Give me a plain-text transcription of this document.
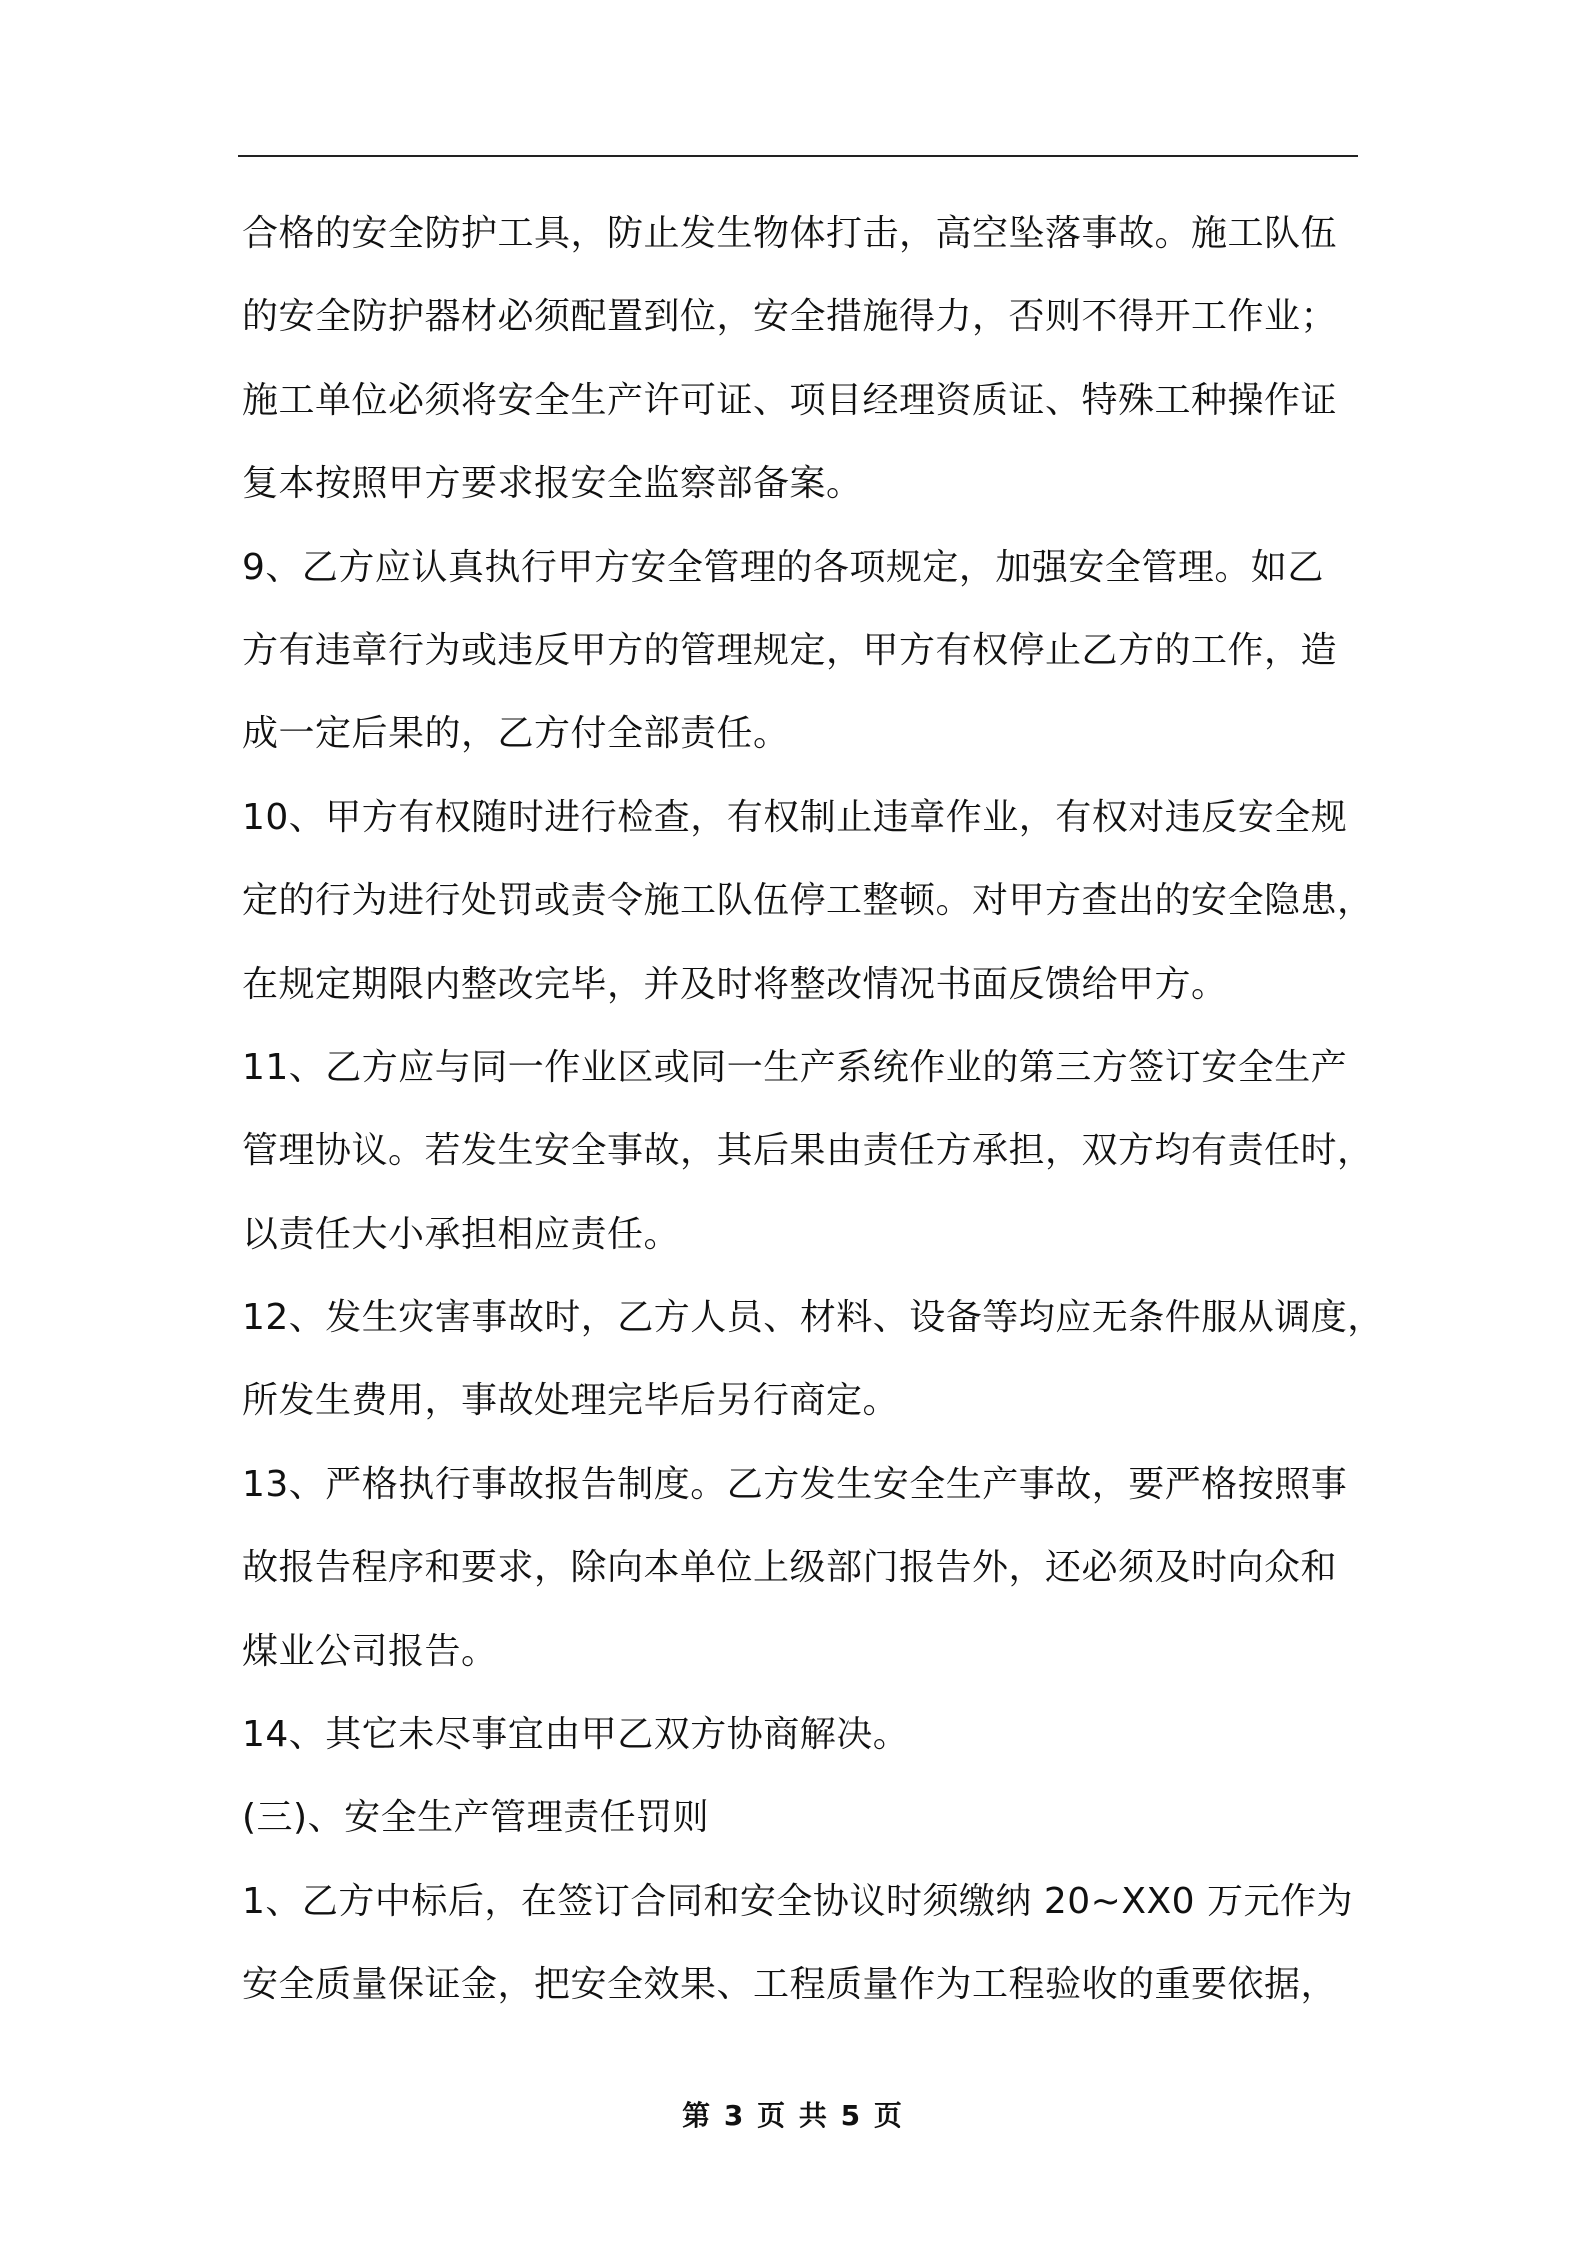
合格的安全防护工具，防止发生物体打击，高空坠落事故。施工队伍
的安全防护器材必须配置到位，安全措施得力，否则不得开工作业；
施工单位必须将安全生产许可证、项目经理资质证、特殊工种操作证
复本按照甲方要求报安全监察部备案。
9、乙方应认真执行甲方安全管理的各项规定，加强安全管理。如乙
方有违章行为或违反甲方的管理规定，甲方有权停止乙方的工作，造
成一定后果的，乙方付全部责任。
10、甲方有权随时进行检查，有权制止违章作业，有权对违反安全规
定的行为进行处罚或责令施工队伍停工整顿。对甲方查出的安全隐患，
在规定期限内整改完毕，并及时将整改情况书面反馈给甲方。
11、乙方应与同一作业区或同一生产系统作业的第三方签订安全生产
管理协议。若发生安全事故，其后果由责任方承担，双方均有责任时，
以责任大小承担相应责任。
12、发生灾害事故时，乙方人员、材料、设备等均应无条件服从调度，
所发生费用，事故处理完毕后另行商定。
13、严格执行事故报告制度。乙方发生安全生产事故，要严格按照事
故报告程序和要求，除向本单位上级部门报告外，还必须及时向众和
煤业公司报告。
14、其它未尽事宜由甲乙双方协商解决。
(三)、安全生产管理责任罚则
1、乙方中标后，在签订合同和安全协议时须缴纳 20~XX0 万元作为
安全质量保证金，把安全效果、工程质量作为工程验收的重要依据，
第 3 页 共 5 页
